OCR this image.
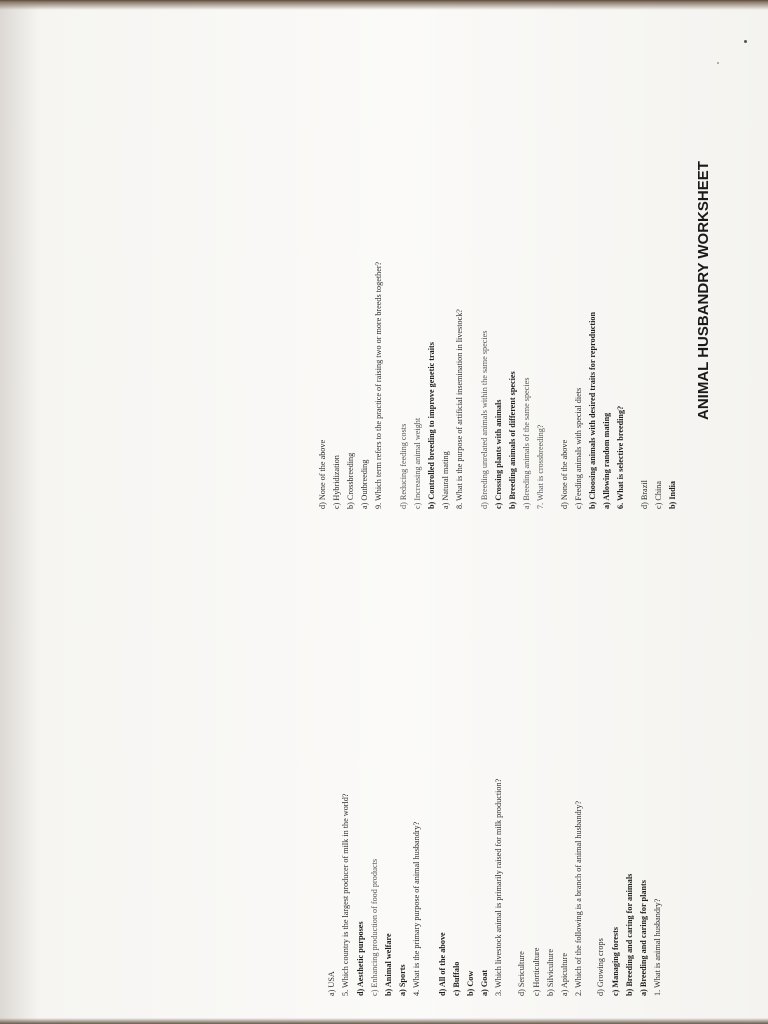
ANIMAL HUSBANDRY WORKSHEET
1. What is animal husbandry?
a) Breeding and caring for plants
b) Breeding and caring for animals
c) Managing forests
d) Growing crops
2. Which of the following is a branch of animal husbandry?
a) Apiculture
b) Silviculture
c) Horticulture
d) Sericulture
3. Which livestock animal is primarily raised for milk production?
a) Goat
b) Cow
c) Buffalo
d) All of the above
4. What is the primary purpose of animal husbandry?
a) Sports
b) Animal welfare
c) Enhancing production of food products
d) Aesthetic purposes
5. Which country is the largest producer of milk in the world?
a) USA
b) India
c) China
d) Brazil
6. What is selective breeding?
a) Allowing random mating
b) Choosing animals with desired traits for reproduction
c) Feeding animals with special diets
d) None of the above
7. What is crossbreeding?
a) Breeding animals of the same species
b) Breeding animals of different species
c) Crossing plants with animals
d) Breeding unrelated animals within the same species
8. What is the purpose of artificial insemination in livestock?
a) Natural mating
b) Controlled breeding to improve genetic traits
c) Increasing animal weight
d) Reducing feeding costs
9. Which term refers to the practice of raising two or more breeds together?
a) Outbreeding
b) Crossbreeding
c) Hybridization
d) None of the above
